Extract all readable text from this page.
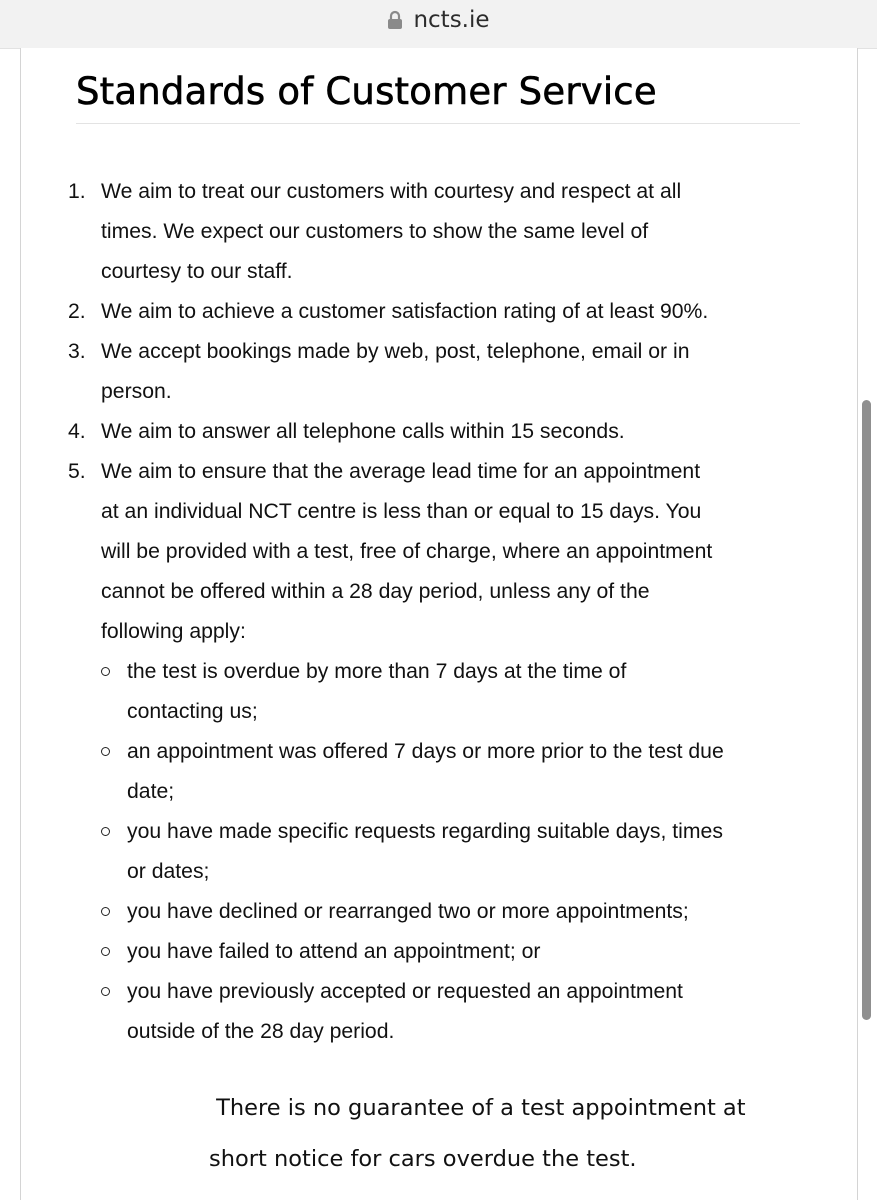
ncts.ie
Standards of Customer Service
1. We aim to treat our customers with courtesy and respect at all
times. We expect our customers to show the same level of
courtesy to our staff.
2. We aim to achieve a customer satisfaction rating of at least 90%.
3. We accept bookings made by web, post, telephone, email or in
person.
4. We aim to answer all telephone calls within 15 seconds.
5. We aim to ensure that the average lead time for an appointment
at an individual NCT centre is less than or equal to 15 days. You
will be provided with a test, free of charge, where an appointment
cannot be offered within a 28 day period, unless any of the
following apply:
the test is overdue by more than 7 days at the time of
contacting us;
an appointment was offered 7 days or more prior to the test due
date;
you have made specific requests regarding suitable days, times
or dates;
you have declined or rearranged two or more appointments;
you have failed to attend an appointment; or
you have previously accepted or requested an appointment
outside of the 28 day period.
There is no guarantee of a test appointment at
short notice for cars overdue the test.
